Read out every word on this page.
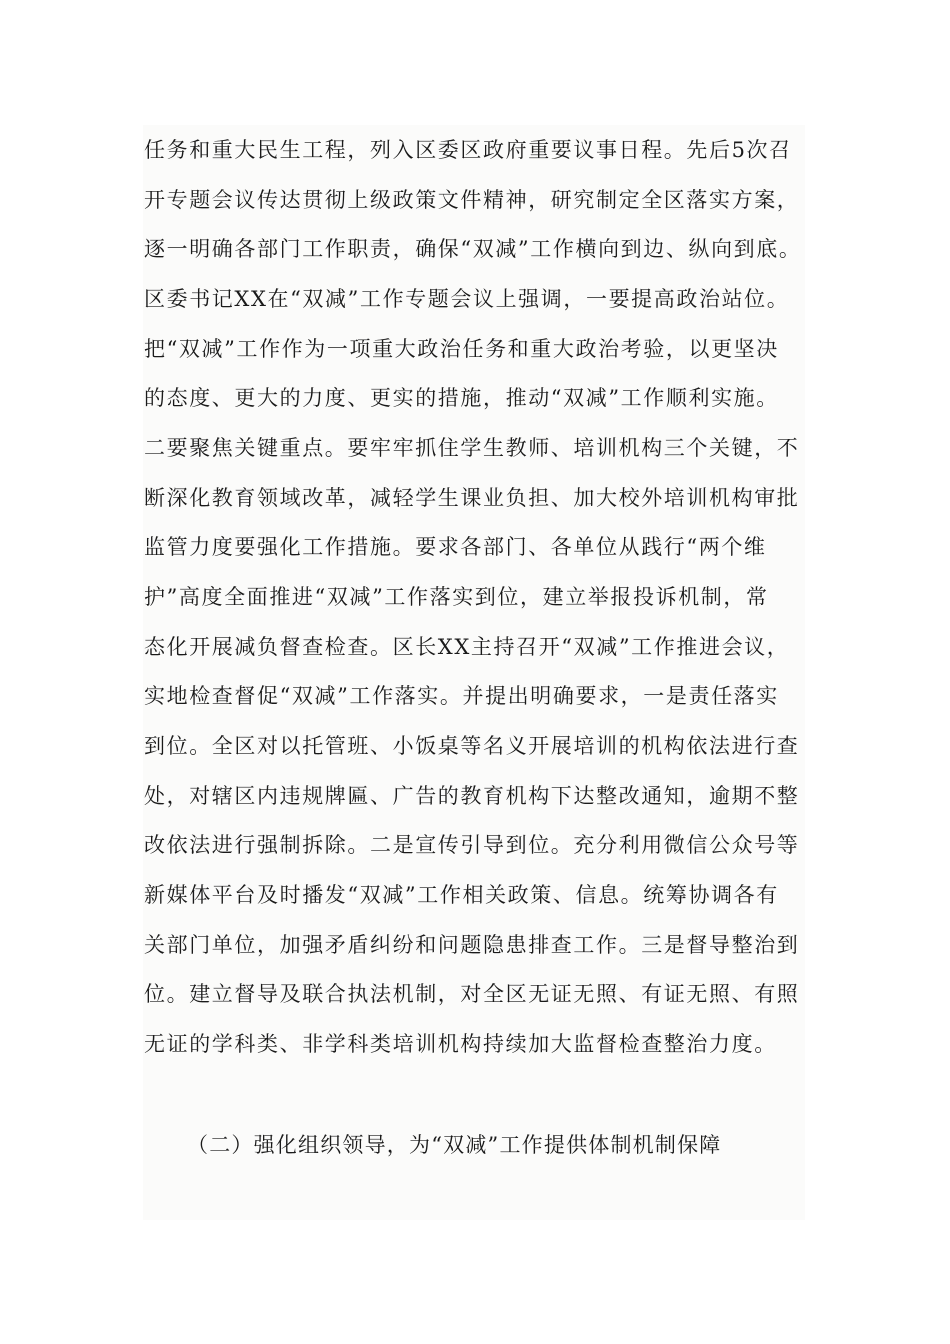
任务和重大民生工程，列入区委区政府重要议事日程。先后5次召
开专题会议传达贯彻上级政策文件精神，研究制定全区落实方案，
逐一明确各部门工作职责，确保“双减”工作横向到边、纵向到底。
区委书记XX在“双减”工作专题会议上强调，一要提高政治站位。
把“双减”工作作为一项重大政治任务和重大政治考验，以更坚决
的态度、更大的力度、更实的措施，推动“双减”工作顺利实施。
二要聚焦关键重点。要牢牢抓住学生教师、培训机构三个关键，不
断深化教育领域改革，减轻学生课业负担、加大校外培训机构审批
监管力度要强化工作措施。要求各部门、各单位从践行“两个维
护”高度全面推进“双减”工作落实到位，建立举报投诉机制，常
态化开展减负督查检查。区长XX主持召开“双减”工作推进会议，
实地检查督促“双减”工作落实。并提出明确要求，一是责任落实
到位。全区对以托管班、小饭桌等名义开展培训的机构依法进行查
处，对辖区内违规牌匾、广告的教育机构下达整改通知，逾期不整
改依法进行强制拆除。二是宣传引导到位。充分利用微信公众号等
新媒体平台及时播发“双减”工作相关政策、信息。统筹协调各有
关部门单位，加强矛盾纠纷和问题隐患排查工作。三是督导整治到
位。建立督导及联合执法机制，对全区无证无照、有证无照、有照
无证的学科类、非学科类培训机构持续加大监督检查整治力度。
（二）强化组织领导，为“双减”工作提供体制机制保障
